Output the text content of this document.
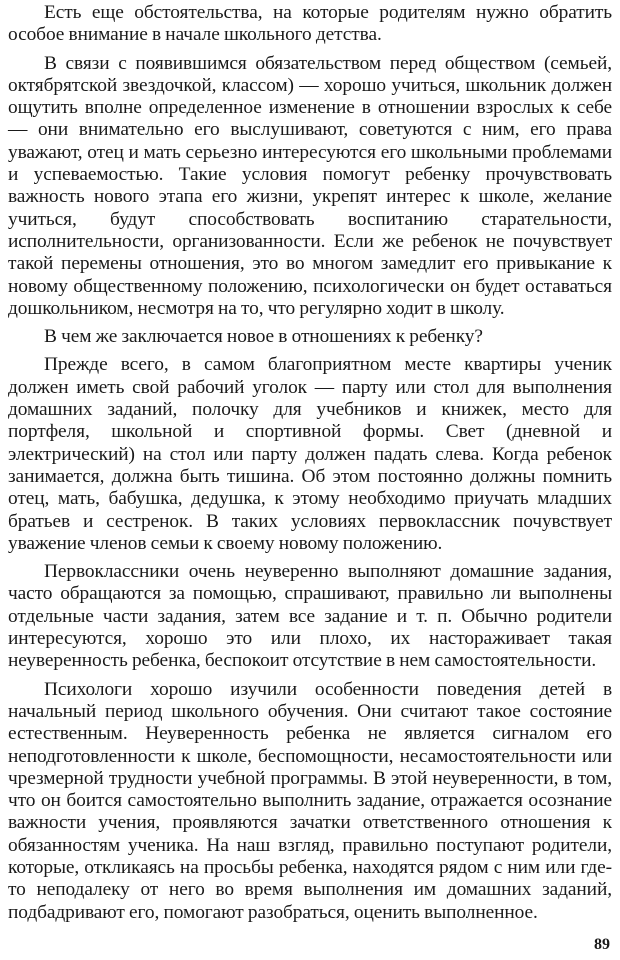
Есть еще обстоятельства, на которые родителям нужно обратить особое внимание в начале школьного детства.

В связи с появившимся обязательством перед обществом (семьей, октябрятской звездочкой, классом) — хорошо учиться, школьник должен ощутить вполне определенное изменение в отношении взрослых к себе — они внимательно его выслушивают, советуются с ним, его права уважают, отец и мать серьезно интересуются его школьными проблемами и успеваемостью. Такие условия помогут ребенку прочувствовать важность нового этапа его жизни, укрепят интерес к школе, желание учиться, будут способствовать воспитанию старательности, исполнительности, организованности. Если же ребенок не почувствует такой перемены отношения, это во многом замедлит его привыкание к новому общественному положению, психологически он будет оставаться дошкольником, несмотря на то, что регулярно ходит в школу.

В чем же заключается новое в отношениях к ребенку?

Прежде всего, в самом благоприятном месте квартиры ученик должен иметь свой рабочий уголок — парту или стол для выполнения домашних заданий, полочку для учебников и книжек, место для портфеля, школьной и спортивной формы. Свет (дневной и электрический) на стол или парту должен падать слева. Когда ребенок занимается, должна быть тишина. Об этом постоянно должны помнить отец, мать, бабушка, дедушка, к этому необходимо приучать младших братьев и сестренок. В таких условиях первоклассник почувствует уважение членов семьи к своему новому положению.

Первоклассники очень неуверенно выполняют домашние задания, часто обращаются за помощью, спрашивают, правильно ли выполнены отдельные части задания, затем все задание и т. п. Обычно родители интересуются, хорошо это или плохо, их настораживает такая неуверенность ребенка, беспокоит отсутствие в нем самостоятельности.

Психологи хорошо изучили особенности поведения детей в начальный период школьного обучения. Они считают такое состояние естественным. Неуверенность ребенка не является сигналом его неподготовленности к школе, беспомощности, несамостоятельности или чрезмерной трудности учебной программы. В этой неуверенности, в том, что он боится самостоятельно выполнить задание, отражается осознание важности учения, проявляются зачатки ответственного отношения к обязанностям ученика. На наш взгляд, правильно поступают родители, которые, откликаясь на просьбы ребенка, находятся рядом с ним или где-то неподалеку от него во время выполнения им домашних заданий, подбадривают его, помогают разобраться, оценить выполненное.

89
